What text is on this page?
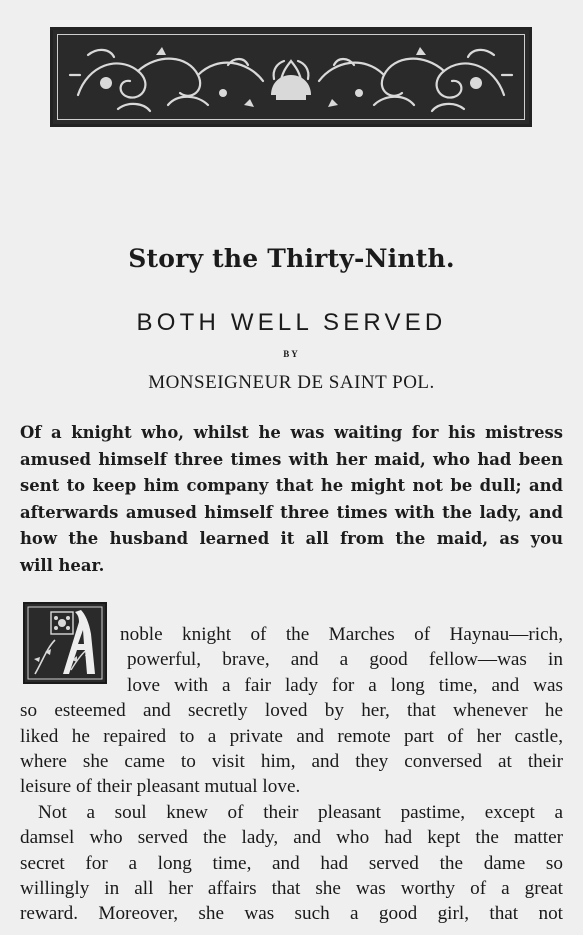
Story the Thirty-Ninth.
BOTH WELL SERVED
BY
MONSEIGNEUR DE SAINT POL.
Of a knight who, whilst he was waiting for his mistress
amused himself three times with her maid, who had been
sent to keep him company that he might not be dull; and
afterwards amused himself three times with the lady, and
how the husband learned it all from the maid, as you
will hear.
noble knight of the Marches of Haynau—rich,
powerful, brave, and a good fellow—was in
love with a fair lady for a long time, and was
so esteemed and secretly loved by her, that whenever he
liked he repaired to a private and remote part of her castle,
where she came to visit him, and they conversed at their
leisure of their pleasant mutual love.
Not a soul knew of their pleasant pastime, except a
damsel who served the lady, and who had kept the matter
secret for a long time, and had served the dame so
willingly in all her affairs that she was worthy of a great
reward. Moreover, she was such a good girl, that not
